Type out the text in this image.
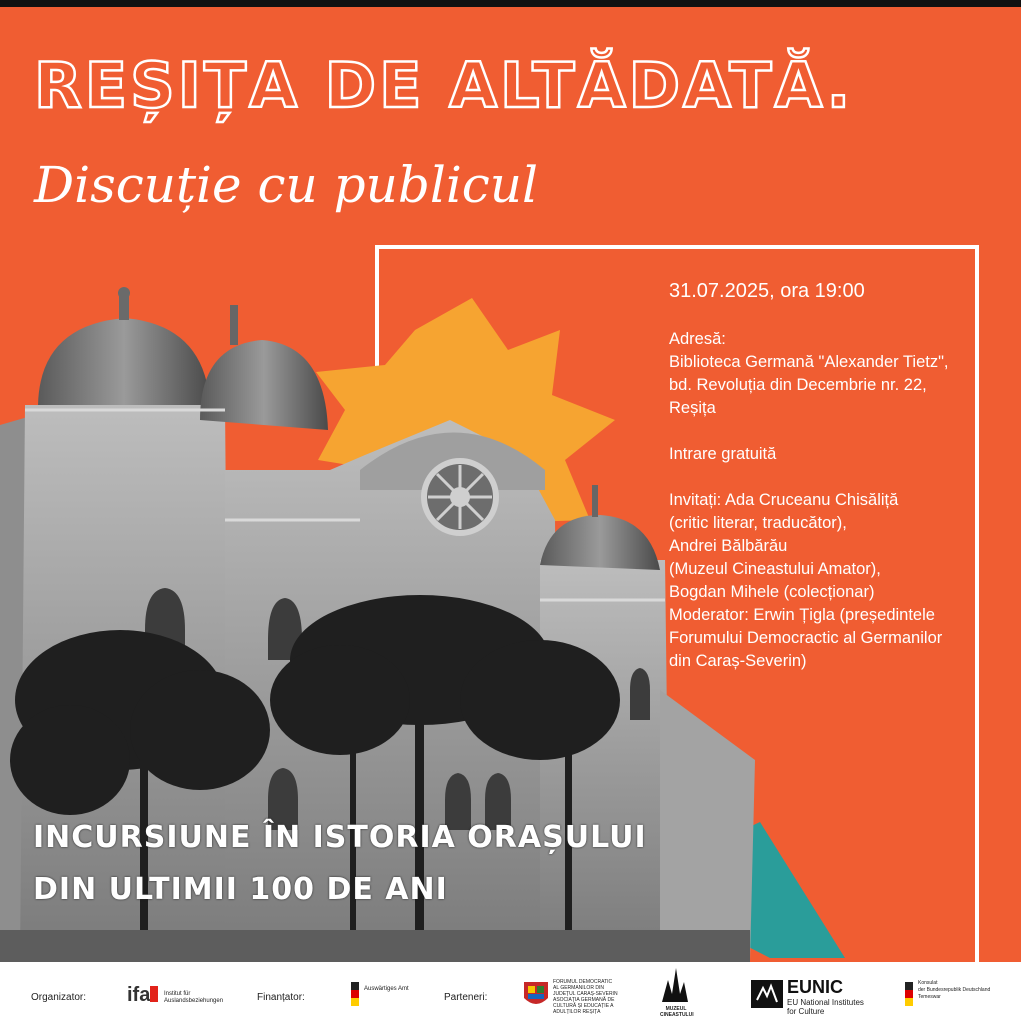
REȘIȚA DE ALTĂDATĂ.
Discuție cu publicul

31.07.2025, ora 19:00

Adresă:

Biblioteca Germană "Alexander Tietz",

bd. Revoluția din Decembrie nr. 22,

Reșița

Intrare gratuită

Invitați: Ada Cruceanu Chisăliță

(critic literar, traducător),

Andrei Bălbărău

(Muzeul Cineastului Amator),

Bogdan Mihele (colecționar)

Moderator: Erwin Țigla (președintele

Forumului Democractic al Germanilor

din Caraș-Severin)

INCURSIUNE ÎN ISTORIA ORAȘULUI
DIN ULTIMII 100 DE ANI
Organizator: ifa Institut für
Auslandsbeziehungen	Finanțator:
Auswärtiges Amt
Parteneri:
FORUMUL DEMOCRATIC
AL GERMANILOR DIN
JUDEȚUL CARAȘ-SEVERIN
ASOCIAȚIA GERMANĂ DE
CULTURĂ ȘI EDUCAȚIE A
ADULȚILOR REȘIȚA	MUZEUL
CINEASTULUI
EUNIC
EU National Institutes
for Culture
Konsulat
der Bundesrepublik Deutschland
Temeswar
